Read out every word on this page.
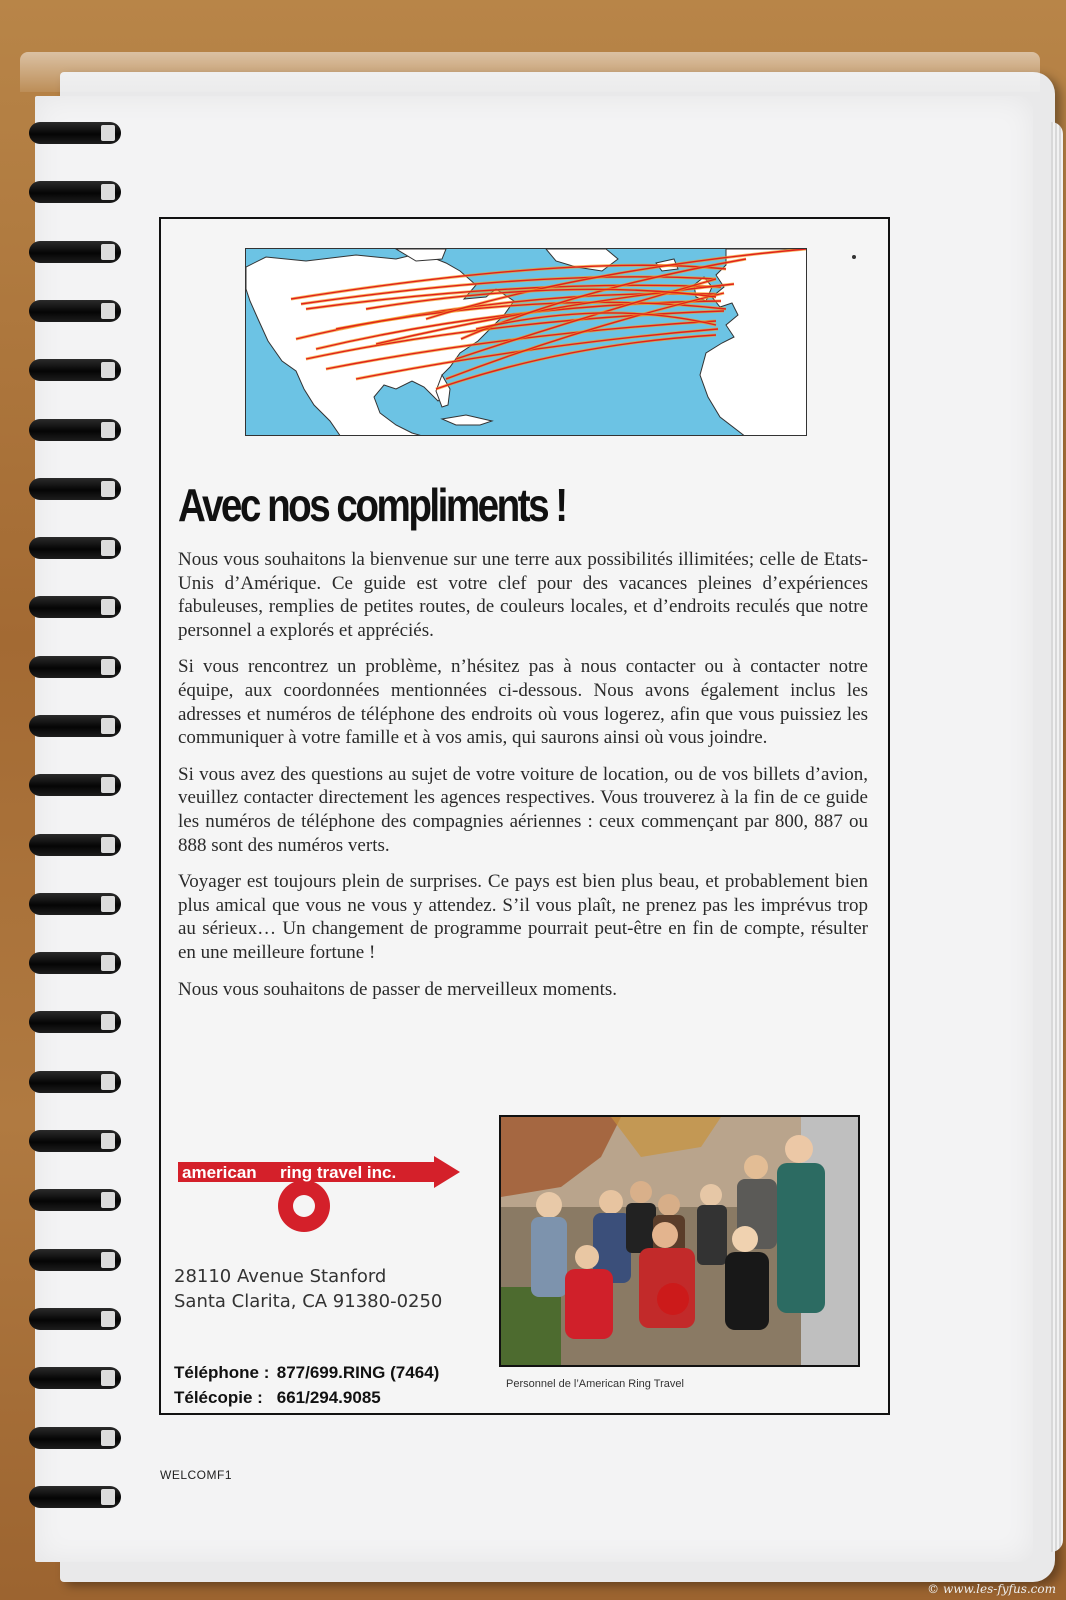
Avec nos compliments !

Nous vous souhaitons la bienvenue sur une terre aux possibilités illimitées; celle de Etats-Unis d’Amérique. Ce guide est votre clef pour des vacances pleines d’expériences fabuleuses, remplies de petites routes, de couleurs locales, et d’endroits reculés que notre personnel a explorés et appréciés.

Si vous rencontrez un problème, n’hésitez pas à nous contacter ou à contacter notre équipe, aux coordonnées mentionnées ci-dessous. Nous avons également inclus les adresses et numéros de téléphone des endroits où vous logerez, afin que vous puissiez les communiquer à votre famille et à vos amis, qui saurons ainsi où vous joindre.

Si vous avez des questions au sujet de votre voiture de location, ou de vos billets d’avion, veuillez contacter directement les agences respectives. Vous trouverez à la fin de ce guide les numéros de téléphone des compagnies aériennes : ceux commençant par 800, 887 ou 888 sont des numéros verts.

Voyager est toujours plein de surprises. Ce pays est bien plus beau, et probablement bien plus amical que vous ne vous y attendez. S’il vous plaît, ne prenez pas les imprévus trop au sérieux… Un changement de programme pourrait peut-être en fin de compte, résulter en une meilleure fortune !

Nous vous souhaitons de passer de merveilleux moments.

american ring travel inc.
28110 Avenue Stanford
Santa Clarita, CA 91380-0250
Téléphone : 877/699.RING (7464)
Télécopie : 661/294.9085
Personnel de l’American Ring Travel
WELCOMF1
© www.les-fyfus.com
